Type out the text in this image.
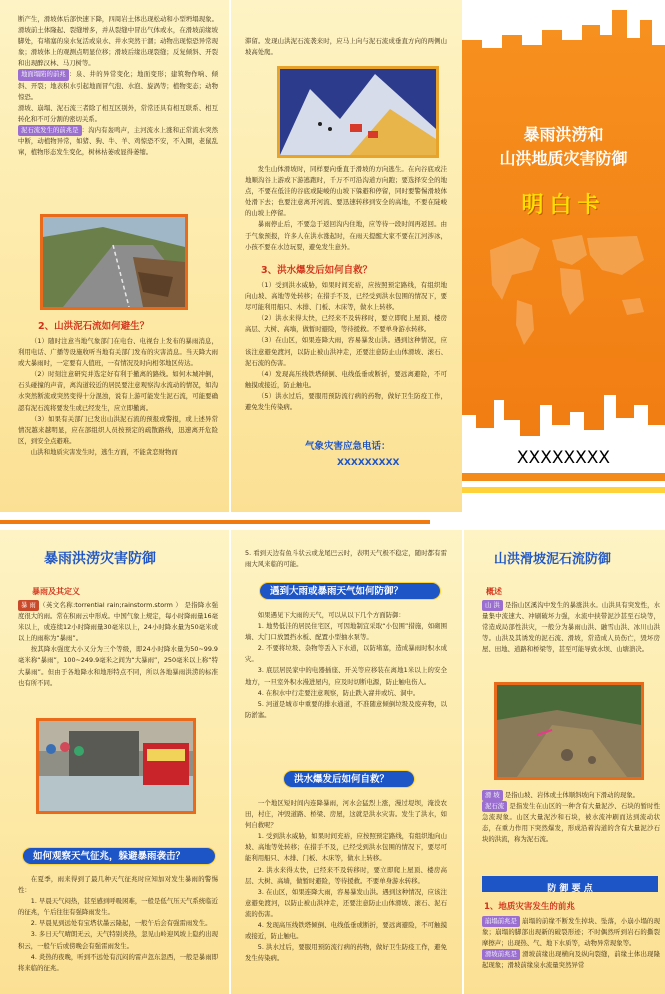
断产生，滑坡体后部快速下降，四周岩土体出现松动和小型坍塌现象。滑坡前土体隆起、裂缝增多，并从裂缝中冒出气体或水，在滑坡前缘坡脚处，有堵塞的泉水复活或泉水、井水突然干涸；动物出现惊恐异常现象；滑坡体上的观测点明显位移；滑坡后缘出现裂缝；反复倾斜、开裂和出现醉汉林、马刀树等。
地面塌陷的前兆 ：泉、井的异常变化；地面变形；建筑物作响、倾斜、开裂；地表积水引起地面冒气泡、水泡、旋涡等；植物变态；动物惊恐。
滑坡、崩塌、泥石流三者除了相互区别外，常常还具有相互联系、相互转化和不可分割的密切关系。
泥石流发生的前兆是 ：沟内有轰鸣声，主河流水上涨和正常流水突然中断，动植物异常，如猪、狗、牛、羊、鸡惊恐不安，不入圈，老鼠乱窜，植物形态发生变化，树林枯萎或显得萎缩。
2、山洪泥石流如何避生？

（1）随时注意当地气象部门在电台、电视台上发布的暴雨消息，利用电话、广播等设施收听当地有关部门发布的灾害消息。当天降大雨或大暴雨时，一定要有人值班，一有情况及时向相邻地区传达。

（2）时刻注意研究并选定好有利于撤离的路线。如何木城冲倒，石头碰撞的声音，离沟道较近的居民要注意观察沟水流动的情况，如沟水突然断流或突然变得十分混浊，说有上游可能发生泥石流，可能要确認有泥石流将要发生或已经发生，应立即撤离。

（3）如果有关部门已发出山洪泥石流的预报或警报，或上述异常情况越来越明显，应在部组织人员按预定的疏散路线，迅速离开危险区，到安全点避难。

山洪和地质灾害发生时，逃生方面，不能贪恋财物而

滞留。发现山洪泥石流袭来时，应马上向与泥石流成垂直方向的两侧山坡高处爬。

发生山体滑坡时，同样要向垂直于滑坡的方向逃生。在向谷底或洼地顺沟谷上游或下游逃跑时，千万不可沿沟道方向跑；要选择安全的地点，不要在低洼的谷底或陡峻的山坡下躲避和停留，同时要警惕滑坡体处滑下去；也要注意离开河流、要迅速转移到安全的高地，不要在陡峻的山坡上停留。

暴雨停止后，不要急于返回沟内住地，应等待一段时间再返回。由于气象预报，许多人在洪水涨起时，在雨天提醒大家不要在江河涉冰，小孩不要在水边玩耍，避免发生意外。

3、洪水爆发后如何自救？

（1）受到洪水威胁，如果时间充裕，应按照预定路线，有组织地向山坡、高地等处转移；在措手不及，已经受到洪水包围的情况下，要尽可能利用船只、木排、门板、木床等，做水上转移。

（2）洪水来得太快，已经来不及转移时，要立即爬上屋顶、楼房高层、大树、高墙，做暂时避险，等待援救。不要单身游水转移。

（3）在山区，如果连降大雨，容易暴发山洪。遇到这种情况，应该注意避免渡河，以防止被山洪冲走，还要注意防止山体滑坡、滚石、泥石流的伤害。

（4）发现高压线铁塔倾倒、电线低垂或断折，要远离避险，不可触摸或接近，防止触电。

（5）洪水过后，要服用预防流行病的药物，做好卫生防疫工作，避免发生传染病。

气象灾害应急电话：
XXXXXXXXX
暴雨洪涝和
山洪地质灾害防御
明白卡
XXXXXXXX
暴雨洪涝灾害防御
暴雨及其定义
暴 雨 （英文名称:torrential rain;rainstorm.storm ） 是指降水强度很大的雨。常在积雨云中形成。中国气象上规定，每小时降雨量16毫米以上，或连续12小时降雨量30毫米以上，24小时降水量为50毫米或以上的雨称为“暴雨”。

按其降水强度大小又分为三个等级，即24小时降水量为50~99.9毫米称“暴雨”，100~249.9毫米之间为“大暴雨”，250毫米以上称“特大暴雨”。但由于各地降水和地形特点不同，所以各地暴雨洪涝的标准也有所不同。

如何观察天气征兆，躲避暴雨袭击？

在夏季，雨来得到了最几种天气征兆时应知加对发生暴雨的警惕性：

1. 早晨天气闷热，甚至感到呼吸困难，一般是低气压天气系统临近的征兆，午后往往有强降雨发生。

2. 早晨见到远处有宝塔状墨云隆起，一般午后会有强雷雨发生。

3. 多日天气晴朗无云，天气特别炎热，忽见山岭迎风坡上隐约出现积云，一般午后或傍晚会有强雷雨发生。

4. 炎热的夜晚，听到不远处有沉闷的雷声忽东忽西，一般是暴雨即将来临的征兆。

5. 看到天边有鱼斗状云或龙尾巴云时，表明天气极不稳定，随时都有雷雨大风来临的可能。
遇到大雨或暴雨天气如何防御？

如果遇见下大雨的天气，可以从以下几个方面防御：

1. 地势低洼的居民住宅区，可因地制宜采取“小包围”措施，如砌围墙、大门口放置挡水板、配置小型抽水泵等。

2. 不要将垃圾、杂物等丢入下水道，以防堵塞，造成暴雨时积水成灾。

3. 底层居民家中的电器插座、开关等应移装在离地1米以上的安全地方，一旦室外积水漫进屋内，应及时切断电源，防止触电伤人。

4. 在积水中行走要注意观察，防止跌入窨井或坑、洞中。

5. 河道是城市中重要的排水通道，不准随意倾倒垃圾及废弃物，以防淤塞。

洪水爆发后如何自救？

一个地区短时间内连降暴雨，河水会猛烈上涨，漫过堤坝，淹没农田，村庄，冲毁道路、桥梁、房屋，这就是洪水灾害。发生了洪水，如何自救呢？

1. 受到洪水威胁，如果时间充裕，应按照预定路线，有组织地向山坡、高地等处转移；在措手不及，已经受到洪水包围的情况下，要尽可能利用船只、木排、门板、木床等，做水上转移。

2. 洪水来得太快，已经来不及转移时，要立即爬上屋顶、楼房高层、大树、高墙，做暂时避险，等待援救。不要单身游水转移。

3. 在山区，如果连降大雨，容易暴发山洪。遇到这种情况，应该注意避免渡河，以防止被山洪冲走，还要注意防止山体滑坡、滚石、泥石流的伤害。

4. 发现高压线铁塔倾倒、电线低垂或断折，要远离避险，不可触摸或接近，防止触电。

5. 洪水过后，要服用预防流行病的药物，做好卫生防疫工作，避免发生传染病。

山洪滑坡泥石流防御
概述
山 洪 是指山区溪沟中发生的暴涨洪水。山洪具有突发性，水量集中流速大、冲刷破坏力强，水流中挟带泥沙甚至石块等，常造成局部性洪灾，一般分为暴雨山洪、融雪山洪、冰川山洪等。山洪及其诱发的泥石流、滑坡，常造成人员伤亡，毁坏房屋、田地、道路和桥梁等，甚至可能导致水坝、山塘溃决。
滑 坡 是指山坡、岩体或土体顺斜坡向下滑动的现象。
泥石流 是指发生在山区的一种含有大量泥沙、石块的暂时性急流现象。山区大量泥沙和石块，被水流冲刷而达到流动状态，在重力作用下突然爆发，形成沿着沟道的含有大量泥沙石块的洪流，称为泥石流。
防 御 要 点
1、地质灾害发生的前兆
崩塌前兆是 崩塌的前缘不断发生掉块、坠落，小崩小塌的现象；崩塌的脚部出现新的破裂形迹；不时偶然听到岩石的撕裂摩擦声；出现热、气、地下水质等，动物异常现象等。
滑坡前兆是 滑坡前缘出现横向及纵向裂缝，前缘土体出现隆起现象；滑坡前缘泉水流量突然异常
